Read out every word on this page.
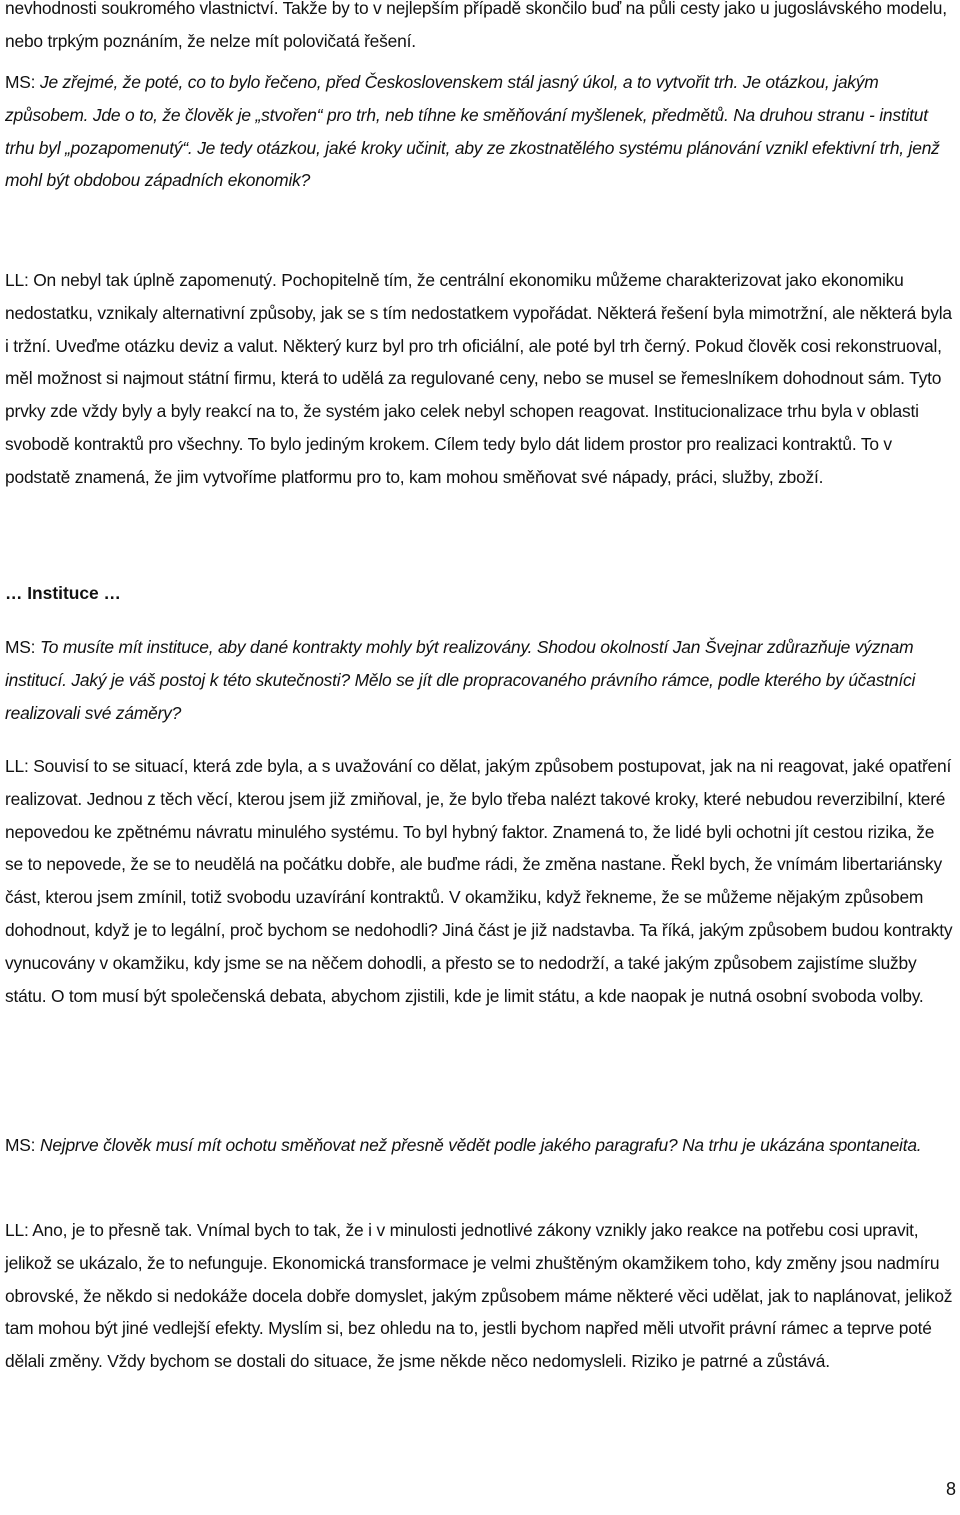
nevhodnosti soukromého vlastnictví. Takže by to v nejlepším případě skončilo buď na půli cesty jako u jugoslávského modelu, nebo trpkým poznáním, že nelze mít polovičatá řešení.

MS: Je zřejmé, že poté, co to bylo řečeno, před Československem stál jasný úkol, a to vytvořit trh. Je otázkou, jakým způsobem. Jde o to, že člověk je „stvořen“ pro trh, neb tíhne ke směňování myšlenek, předmětů. Na druhou stranu - institut trhu byl „pozapomenutý“. Je tedy otázkou, jaké kroky učinit, aby ze zkostnatělého systému plánování vznikl efektivní trh, jenž mohl být obdobou západních ekonomik?

LL: On nebyl tak úplně zapomenutý. Pochopitelně tím, že centrální ekonomiku můžeme charakterizovat jako ekonomiku nedostatku, vznikaly alternativní způsoby, jak se s tím nedostatkem vypořádat. Některá řešení byla mimotržní, ale některá byla i tržní. Uveďme otázku deviz a valut. Některý kurz byl pro trh oficiální, ale poté byl trh černý. Pokud člověk cosi rekonstruoval, měl možnost si najmout státní firmu, která to udělá za regulované ceny, nebo se musel se řemeslníkem dohodnout sám. Tyto prvky zde vždy byly a byly reakcí na to, že systém jako celek nebyl schopen reagovat. Institucionalizace trhu byla v oblasti svobodě kontraktů pro všechny. To bylo jediným krokem. Cílem tedy bylo dát lidem prostor pro realizaci kontraktů. To v podstatě znamená, že jim vytvoříme platformu pro to, kam mohou směňovat své nápady, práci, služby, zboží.

… Instituce …

MS: To musíte mít instituce, aby dané kontrakty mohly být realizovány. Shodou okolností Jan Švejnar zdůrazňuje význam institucí. Jaký je váš postoj k této skutečnosti? Mělo se jít dle propracovaného právního rámce, podle kterého by účastníci realizovali své záměry?

LL: Souvisí to se situací, která zde byla, a s uvažování co dělat, jakým způsobem postupovat, jak na ni reagovat, jaké opatření realizovat. Jednou z těch věcí, kterou jsem již zmiňoval, je, že bylo třeba nalézt takové kroky, které nebudou reverzibilní, které nepovedou ke zpětnému návratu minulého systému. To byl hybný faktor. Znamená to, že lidé byli ochotni jít cestou rizika, že se to nepovede, že se to neudělá na počátku dobře, ale buďme rádi, že změna nastane. Řekl bych, že vnímám libertariánsky část, kterou jsem zmínil, totiž svobodu uzavírání kontraktů. V okamžiku, když řekneme, že se můžeme nějakým způsobem dohodnout, když je to legální, proč bychom se nedohodli? Jiná část je již nadstavba. Ta říká, jakým způsobem budou kontrakty vynucovány v okamžiku, kdy jsme se na něčem dohodli, a přesto se to nedodrží, a také jakým způsobem zajistíme služby státu. O tom musí být společenská debata, abychom zjistili, kde je limit státu, a kde naopak je nutná osobní svoboda volby.

MS: Nejprve člověk musí mít ochotu směňovat než přesně vědět podle jakého paragrafu? Na trhu je ukázána spontaneita.

LL: Ano, je to přesně tak. Vnímal bych to tak, že i v minulosti jednotlivé zákony vznikly jako reakce na potřebu cosi upravit, jelikož se ukázalo, že to nefunguje. Ekonomická transformace je velmi zhuštěným okamžikem toho, kdy změny jsou nadmíru obrovské, že někdo si nedokáže docela dobře domyslet, jakým způsobem máme některé věci udělat, jak to naplánovat, jelikož tam mohou být jiné vedlejší efekty. Myslím si, bez ohledu na to, jestli bychom napřed měli utvořit právní rámec a teprve poté dělali změny. Vždy bychom se dostali do situace, že jsme někde něco nedomysleli. Riziko je patrné a zůstává.

8
